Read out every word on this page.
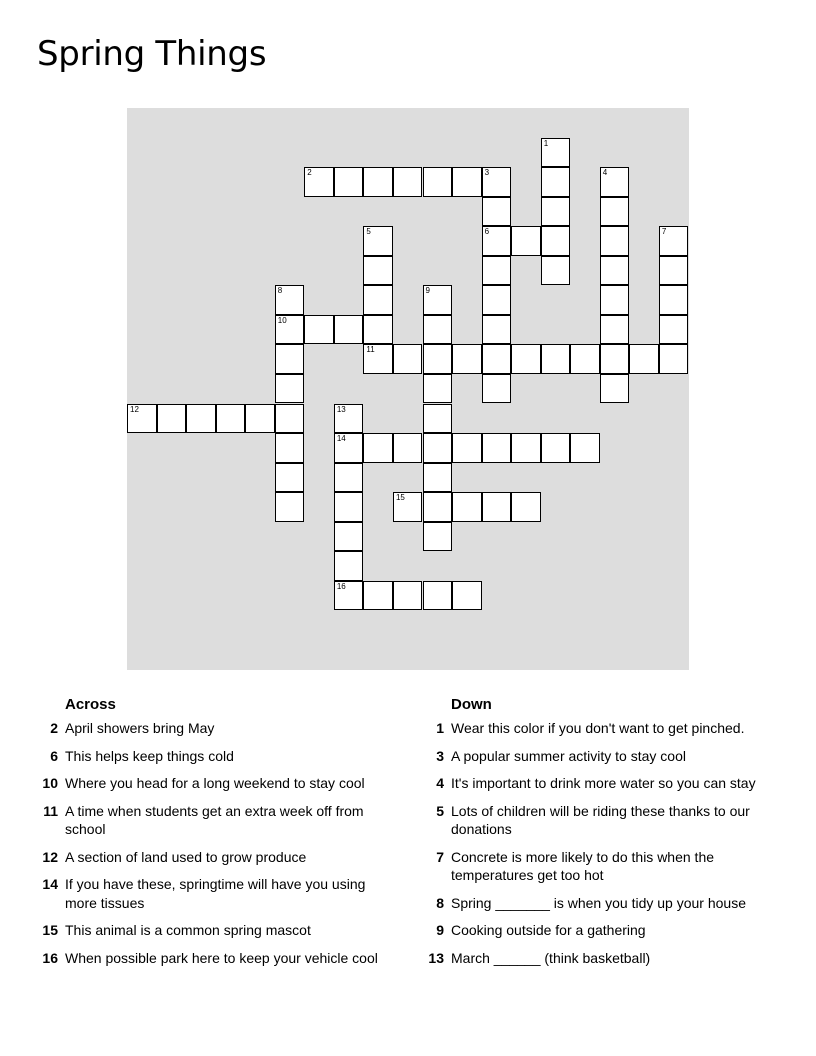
Spring Things
1
2	3
6
4
5
11
7
8
10
9
12	13
14
16
15
Across
2 April showers bring May
6 This helps keep things cold
10 Where you head for a long weekend to stay cool
11 A time when students get an extra week off from school
12 A section of land used to grow produce
14 If you have these, springtime will have you using more tissues
15 This animal is a common spring mascot
16 When possible park here to keep your vehicle cool
Down
1 Wear this color if you don't want to get pinched.
3 A popular summer activity to stay cool
4 It's important to drink more water so you can stay
5 Lots of children will be riding these thanks to our donations
7 Concrete is more likely to do this when the temperatures get too hot
8 Spring _______ is when you tidy up your house
9 Cooking outside for a gathering
13 March ______ (think basketball)
